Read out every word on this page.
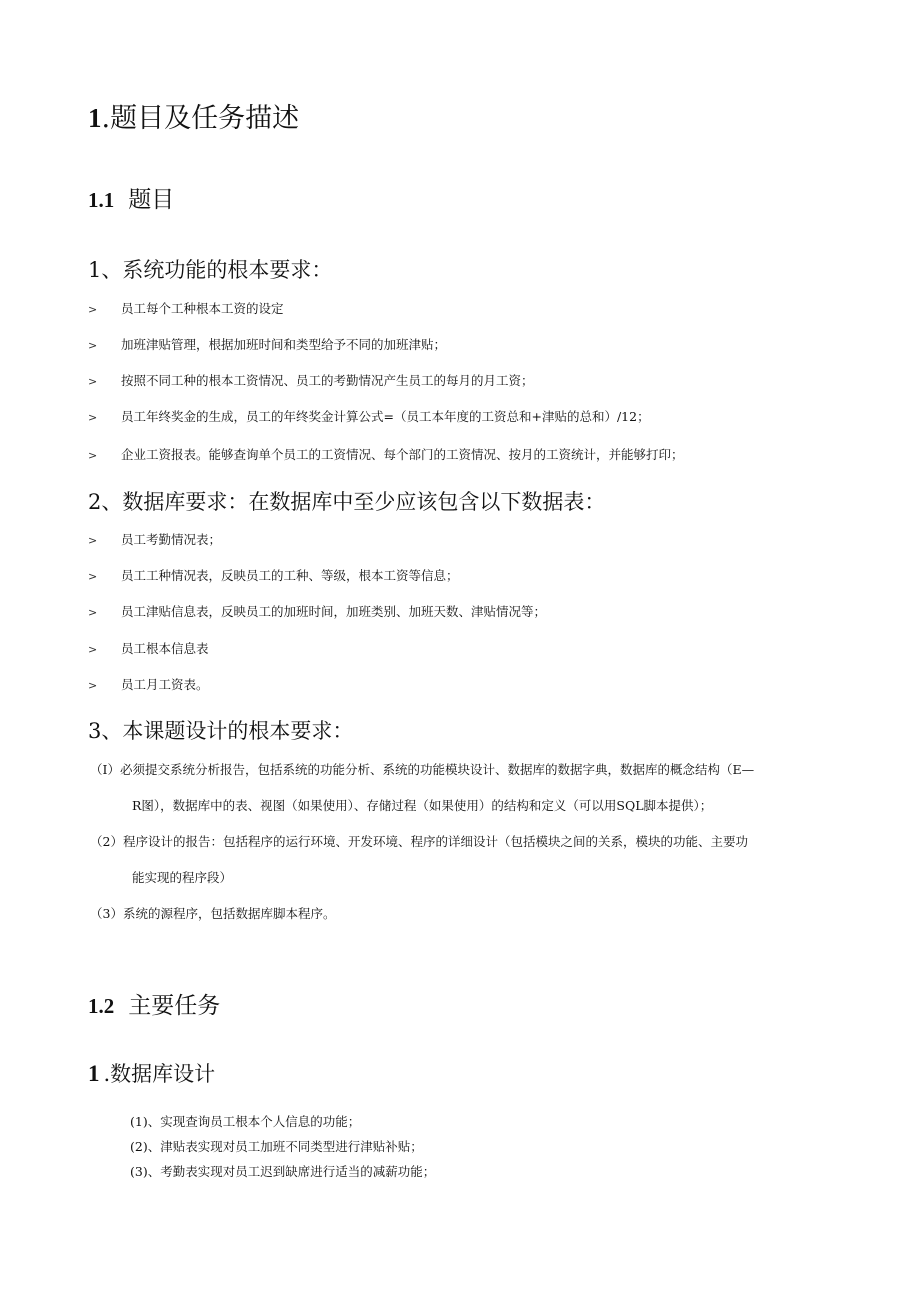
1.题目及任务描述
1.1 题目
1、系统功能的根本要求：
> 员工每个工种根本工资的设定
> 加班津贴管理，根据加班时间和类型给予不同的加班津贴；
> 按照不同工种的根本工资情况、员工的考勤情况产生员工的每月的月工资；
> 员工年终奖金的生成，员工的年终奖金计算公式=（员工本年度的工资总和+津贴的总和）/12；
> 企业工资报表。能够查询单个员工的工资情况、每个部门的工资情况、按月的工资统计，并能够打印；
2、数据库要求：在数据库中至少应该包含以下数据表：
> 员工考勤情况表；
> 员工工种情况表，反映员工的工种、等级，根本工资等信息；
> 员工津贴信息表，反映员工的加班时间，加班类别、加班天数、津贴情况等；
> 员工根本信息表
> 员工月工资表。
3、本课题设计的根本要求：
（I）必须提交系统分析报告，包括系统的功能分析、系统的功能模块设计、数据库的数据字典，数据库的概念结构（E—
R图），数据库中的表、视图（如果使用）、存储过程（如果使用）的结构和定义（可以用SQL脚本提供）；
（2）程序设计的报告：包括程序的运行环境、开发环境、程序的详细设计（包括模块之间的关系，模块的功能、主要功
能实现的程序段）
（3）系统的源程序，包括数据库脚本程序。
1.2 主要任务
1 .数据库设计
(1)、实现查询员工根本个人信息的功能；
(2)、津贴表实现对员工加班不同类型进行津贴补贴；
(3)、考勤表实现对员工迟到缺席进行适当的减薪功能；
